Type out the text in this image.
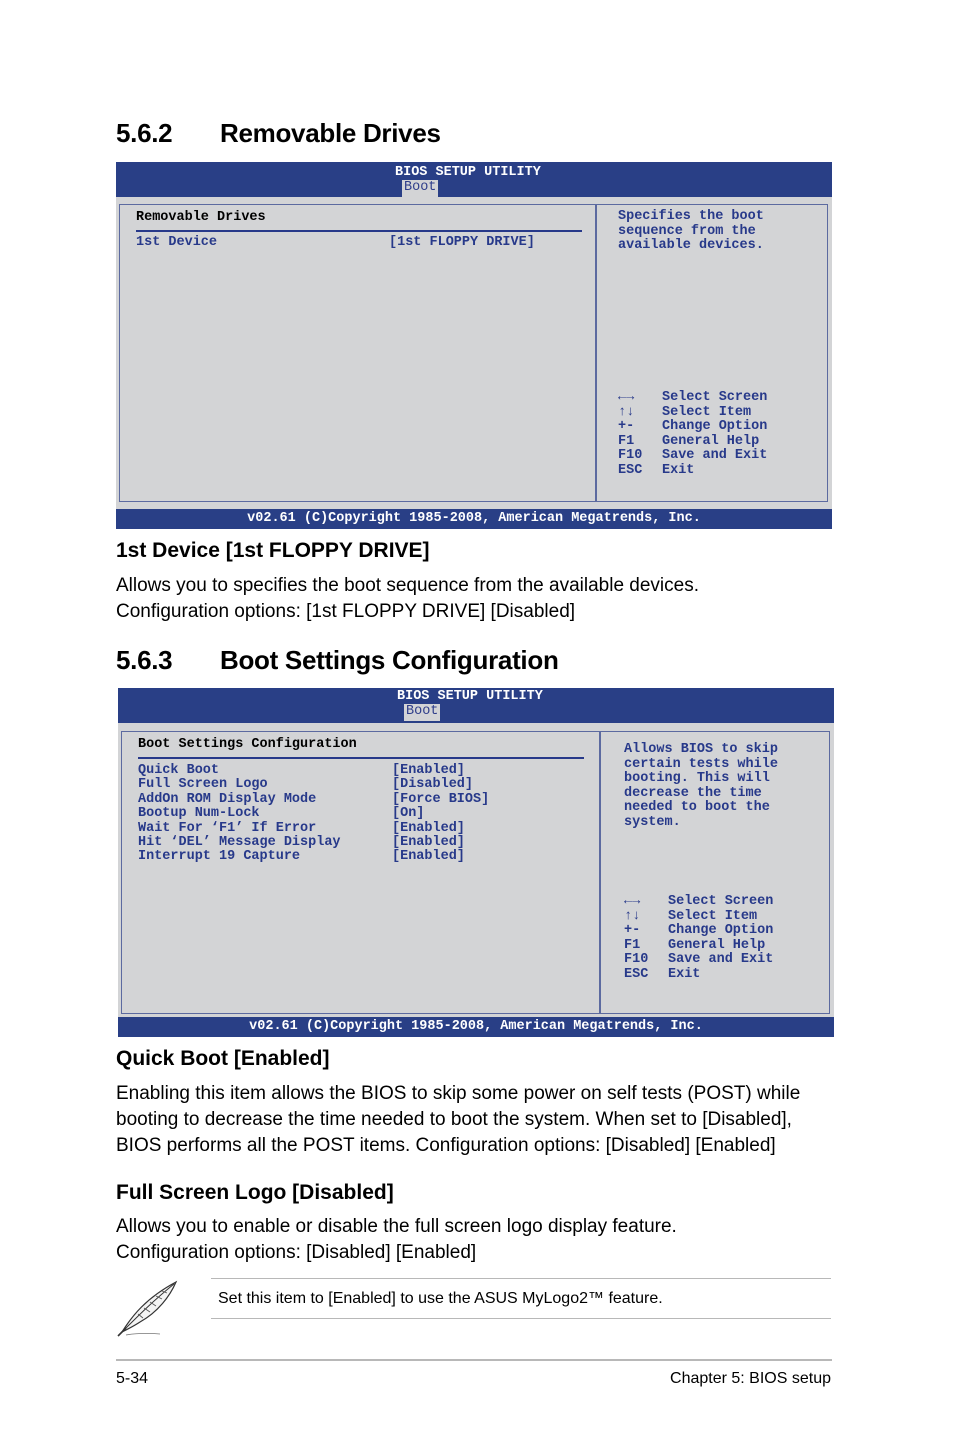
5.6.2 Removable Drives
BIOS SETUP UTILITY
Boot
Removable Drives
1st Device	[1st FLOPPY DRIVE]
Specifies the boot
sequence from the
available devices.
←→ Select Screen
↑↓ Select Item
+- Change Option
F1 General Help
F10 Save and Exit
ESC Exit
v02.61 (C)Copyright 1985-2008, American Megatrends, Inc.
1st Device [1st FLOPPY DRIVE]
Allows you to specifies the boot sequence from the available devices.
Configuration options: [1st FLOPPY DRIVE] [Disabled]
5.6.3 Boot Settings Configuration
BIOS SETUP UTILITY
Boot
Boot Settings Configuration
Quick Boot	[Enabled]
Full Screen Logo	[Disabled]
AddOn ROM Display Mode	[Force BIOS]
Bootup Num-Lock	[On]
Wait For ‘F1’ If Error	[Enabled]
Hit ‘DEL’ Message Display	[Enabled]
Interrupt 19 Capture	[Enabled]
Allows BIOS to skip
certain tests while
booting. This will
decrease the time
needed to boot the
system.
←→ Select Screen
↑↓ Select Item
+- Change Option
F1 General Help
F10 Save and Exit
ESC Exit
v02.61 (C)Copyright 1985-2008, American Megatrends, Inc.
Quick Boot [Enabled]
Enabling this item allows the BIOS to skip some power on self tests (POST) while
booting to decrease the time needed to boot the system. When set to [Disabled],
BIOS performs all the POST items. Configuration options: [Disabled] [Enabled]
Full Screen Logo [Disabled]
Allows you to enable or disable the full screen logo display feature.
Configuration options: [Disabled] [Enabled]
Set this item to [Enabled] to use the ASUS MyLogo2™ feature.
5-34	Chapter 5: BIOS setup
